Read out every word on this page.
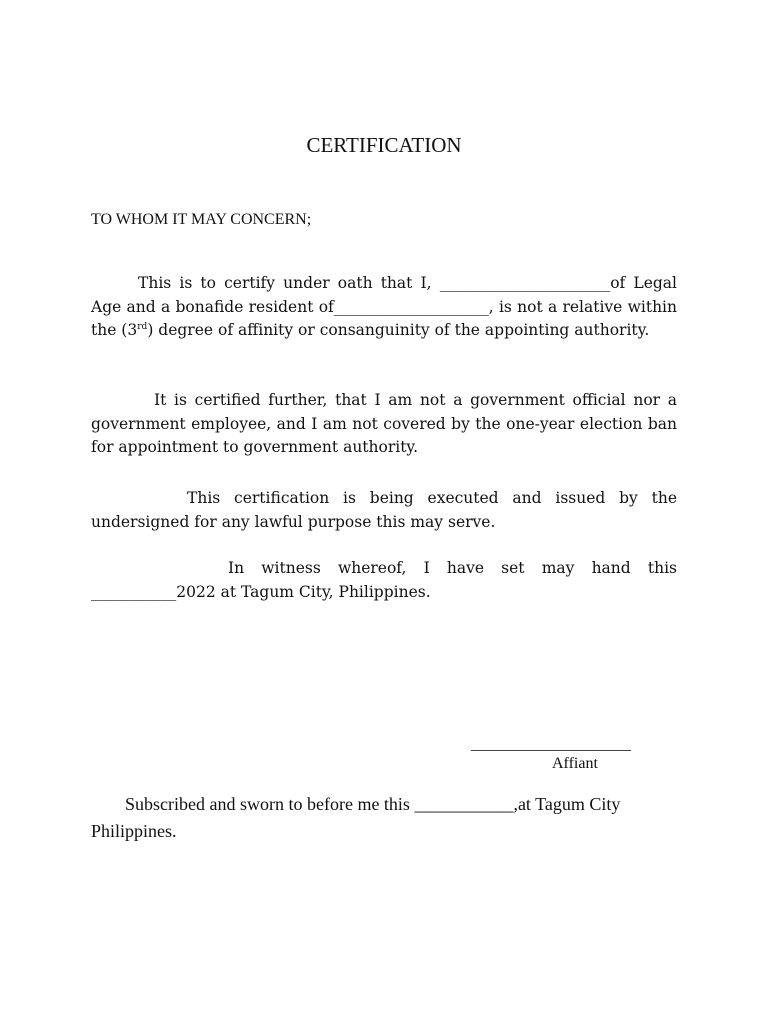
CERTIFICATION
TO WHOM IT MAY CONCERN;

This is to certify under oath that I, ______________________of Legal Age and a bonafide resident of____________________, is not a relative within the (3rd) degree of affinity or consanguinity of the appointing authority.

It is certified further, that I am not a government official nor a government employee, and I am not covered by the one-year election ban for appointment to government authority.

This certification is being executed and issued by the undersigned for any lawful purpose this may serve.

In witness whereof, I have set may hand this ___________2022 at Tagum City, Philippines.

____________________
Affiant

Subscribed and sworn to before me this ___________,at Tagum City Philippines.
